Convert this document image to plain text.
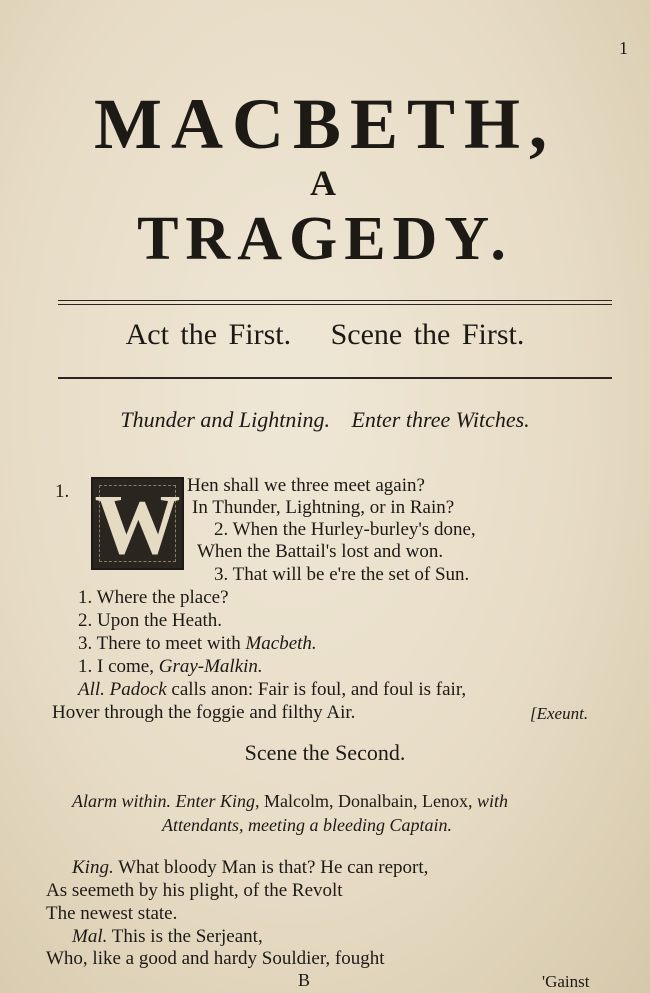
1
MACBETH,
A
TRAGEDY.
Act the First. Scene the First.
Thunder and Lightning. Enter three Witches.
1. W Hen shall we three meet again?
In Thunder, Lightning, or in Rain?
2. When the Hurley-burley's done,
When the Battail's lost and won.
3. That will be e're the set of Sun.
1. Where the place?
2. Upon the Heath.
3. There to meet with Macbeth.
1. I come, Gray-Malkin.
All. Padock calls anon: Fair is foul, and foul is fair,
Hover through the foggie and filthy Air.	[Exeunt.
Scene the Second.
Alarm within. Enter King, Malcolm, Donalbain, Lenox, with
Attendants, meeting a bleeding Captain.
King. What bloody Man is that? He can report,
As seemeth by his plight, of the Revolt
The newest state.
Mal. This is the Serjeant,
Who, like a good and hardy Souldier, fought
B	'Gainst
